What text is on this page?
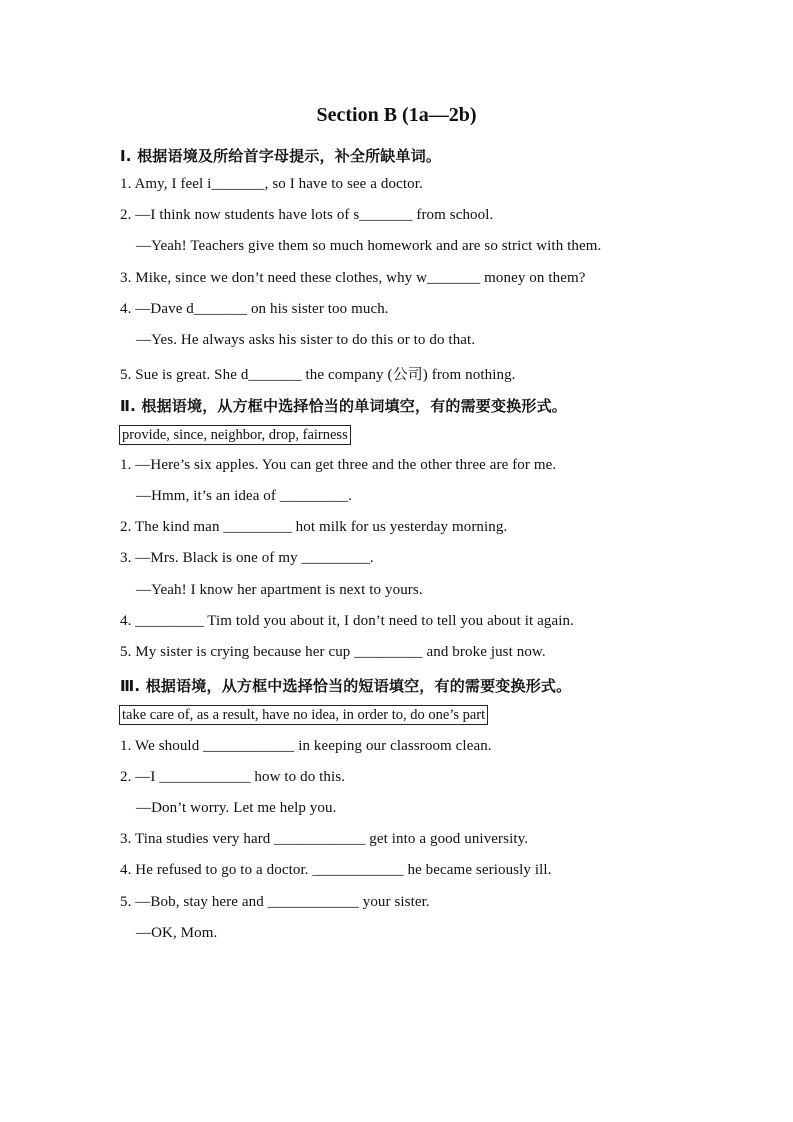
Section B (1a—2b)
Ⅰ. 根据语境及所给首字母提示，补全所缺单词。
1. Amy, I feel i_______, so I have to see a doctor.
2. —I think now students have lots of s_______ from school.
—Yeah! Teachers give them so much homework and are so strict with them.
3. Mike, since we don’t need these clothes, why w_______ money on them?
4. —Dave d_______ on his sister too much.
—Yes. He always asks his sister to do this or to do that.
5. Sue is great. She d_______ the company (公司) from nothing.
Ⅱ. 根据语境，从方框中选择恰当的单词填空，有的需要变换形式。
provide, since, neighbor, drop, fairness
1. —Here’s six apples. You can get three and the other three are for me.
—Hmm, it’s an idea of _________.
2. The kind man _________ hot milk for us yesterday morning.
3. —Mrs. Black is one of my _________.
—Yeah! I know her apartment is next to yours.
4. _________ Tim told you about it, I don’t need to tell you about it again.
5. My sister is crying because her cup _________ and broke just now.
Ⅲ. 根据语境，从方框中选择恰当的短语填空，有的需要变换形式。
take care of, as a result, have no idea, in order to, do one’s part
1. We should ____________ in keeping our classroom clean.
2. —I ____________ how to do this.
—Don’t worry. Let me help you.
3. Tina studies very hard ____________ get into a good university.
4. He refused to go to a doctor. ____________ he became seriously ill.
5. —Bob, stay here and ____________ your sister.
—OK, Mom.
